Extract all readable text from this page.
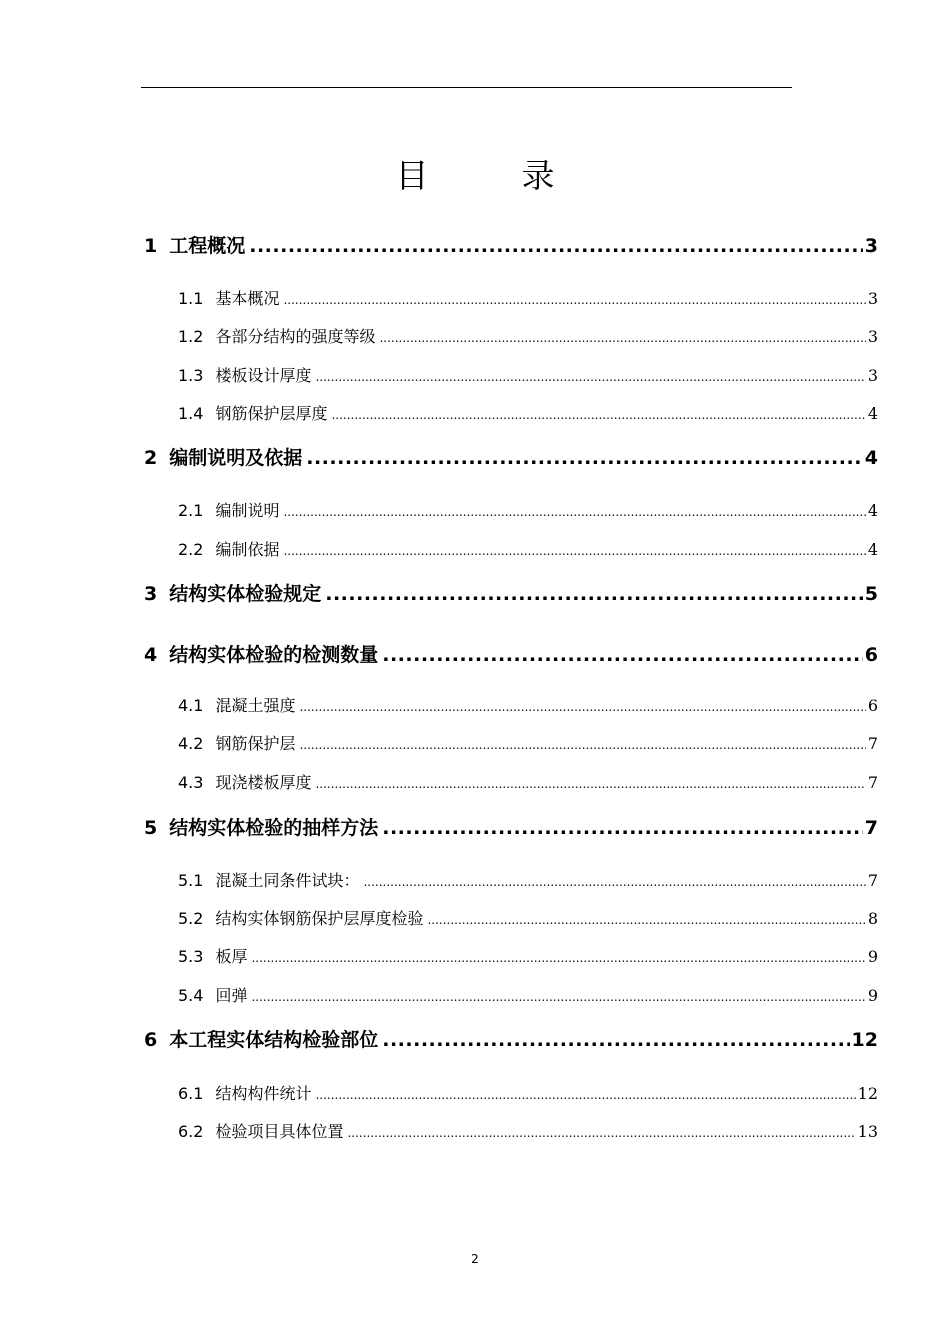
目　录
1 工程概况 .....	3
1.1 基本概况 .....	3
1.2 各部分结构的强度等级 .....	3
1.3 楼板设计厚度 .....	3
1.4 钢筋保护层厚度 .....	4
2 编制说明及依据 .....	4
2.1 编制说明 .....	4
2.2 编制依据 .....	4
3 结构实体检验规定 .....	5
4 结构实体检验的检测数量 .....	6
4.1 混凝土强度 .....	6
4.2 钢筋保护层 .....	7
4.3 现浇楼板厚度 .....	7
5 结构实体检验的抽样方法 .....	7
5.1 混凝土同条件试块： .....	7
5.2 结构实体钢筋保护层厚度检验 .....	8
5.3 板厚 .....	9
5.4 回弹 .....	9
6 本工程实体结构检验部位 .....	12
6.1 结构构件统计 .....	12
6.2 检验项目具体位置 .....	13
2
